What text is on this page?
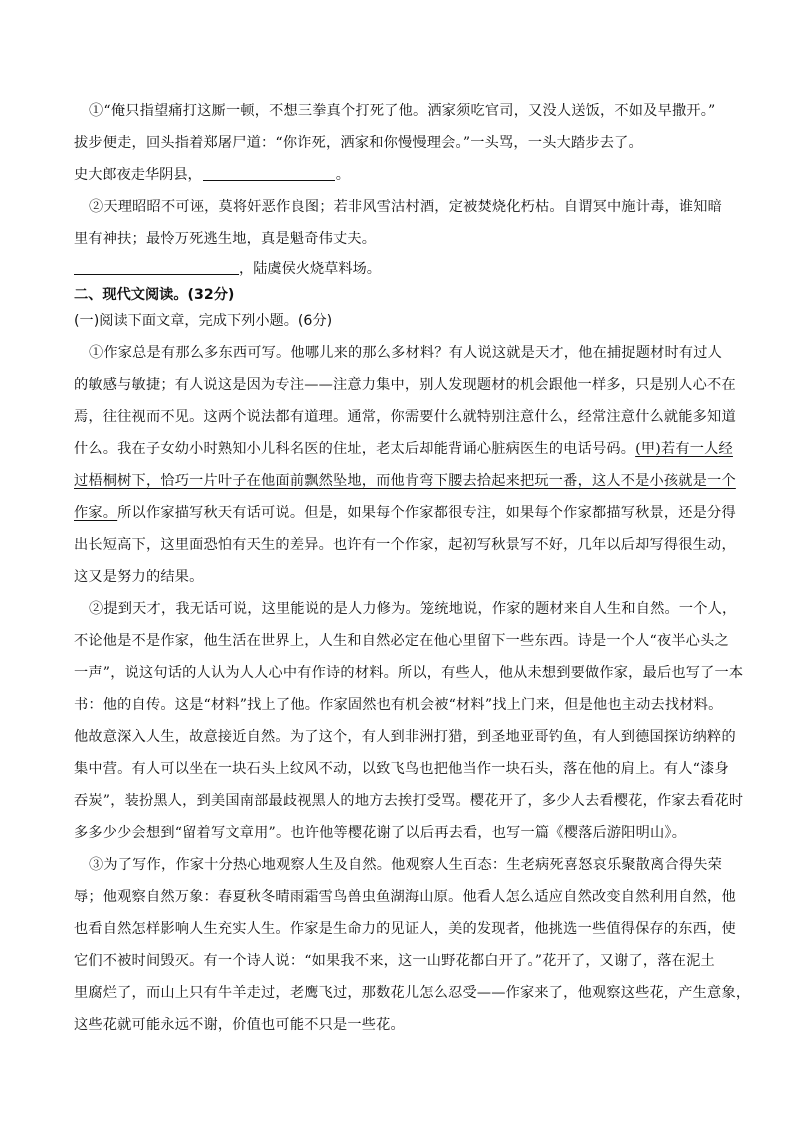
①“俺只指望痛打这厮一顿，不想三拳真个打死了他。洒家须吃官司，又没人送饭，不如及早撒开。”
拔步便走，回头指着郑屠尸道：“你诈死，洒家和你慢慢理会。”一头骂，一头大踏步去了。
史大郎夜走华阴县，	。
②天理昭昭不可诬，莫将奸恶作良图；若非风雪沽村酒，定被焚烧化朽枯。自谓冥中施计毒，谁知暗
里有神扶；最怜万死逃生地，真是魁奇伟丈夫。
，陆虞侯火烧草料场。
二、现代文阅读。(32分)
(一)阅读下面文章，完成下列小题。(6分)
①作家总是有那么多东西可写。他哪儿来的那么多材料？有人说这就是天才，他在捕捉题材时有过人
的敏感与敏捷；有人说这是因为专注——注意力集中，别人发现题材的机会跟他一样多，只是别人心不在
焉，往往视而不见。这两个说法都有道理。通常，你需要什么就特别注意什么，经常注意什么就能多知道
什么。我在子女幼小时熟知小儿科名医的住址，老太后却能背诵心脏病医生的电话号码。(甲)若有一人经
过梧桐树下，恰巧一片叶子在他面前飘然坠地，而他肯弯下腰去拾起来把玩一番，这人不是小孩就是一个
作家。所以作家描写秋天有话可说。但是，如果每个作家都很专注，如果每个作家都描写秋景，还是分得
出长短高下，这里面恐怕有天生的差异。也许有一个作家，起初写秋景写不好，几年以后却写得很生动，
这又是努力的结果。
②提到天才，我无话可说，这里能说的是人力修为。笼统地说，作家的题材来自人生和自然。一个人，
不论他是不是作家，他生活在世界上，人生和自然必定在他心里留下一些东西。诗是一个人“夜半心头之
一声”，说这句话的人认为人人心中有作诗的材料。所以，有些人，他从未想到要做作家，最后也写了一本
书：他的自传。这是“材料”找上了他。作家固然也有机会被“材料”找上门来，但是他也主动去找材料。
他故意深入人生，故意接近自然。为了这个，有人到非洲打猎，到圣地亚哥钓鱼，有人到德国探访纳粹的
集中营。有人可以坐在一块石头上纹风不动，以致飞鸟也把他当作一块石头，落在他的肩上。有人“漆身
吞炭”，装扮黑人，到美国南部最歧视黑人的地方去挨打受骂。樱花开了，多少人去看樱花，作家去看花时
多多少少会想到“留着写文章用”。也许他等樱花谢了以后再去看，也写一篇《樱落后游阳明山》。
③为了写作，作家十分热心地观察人生及自然。他观察人生百态：生老病死喜怒哀乐聚散离合得失荣
辱；他观察自然万象：春夏秋冬晴雨霜雪鸟兽虫鱼湖海山原。他看人怎么适应自然改变自然利用自然，他
也看自然怎样影响人生充实人生。作家是生命力的见证人，美的发现者，他挑选一些值得保存的东西，使
它们不被时间毁灭。有一个诗人说：“如果我不来，这一山野花都白开了。”花开了，又谢了，落在泥土
里腐烂了，而山上只有牛羊走过，老鹰飞过，那数花儿怎么忍受——作家来了，他观察这些花，产生意象，
这些花就可能永远不谢，价值也可能不只是一些花。
